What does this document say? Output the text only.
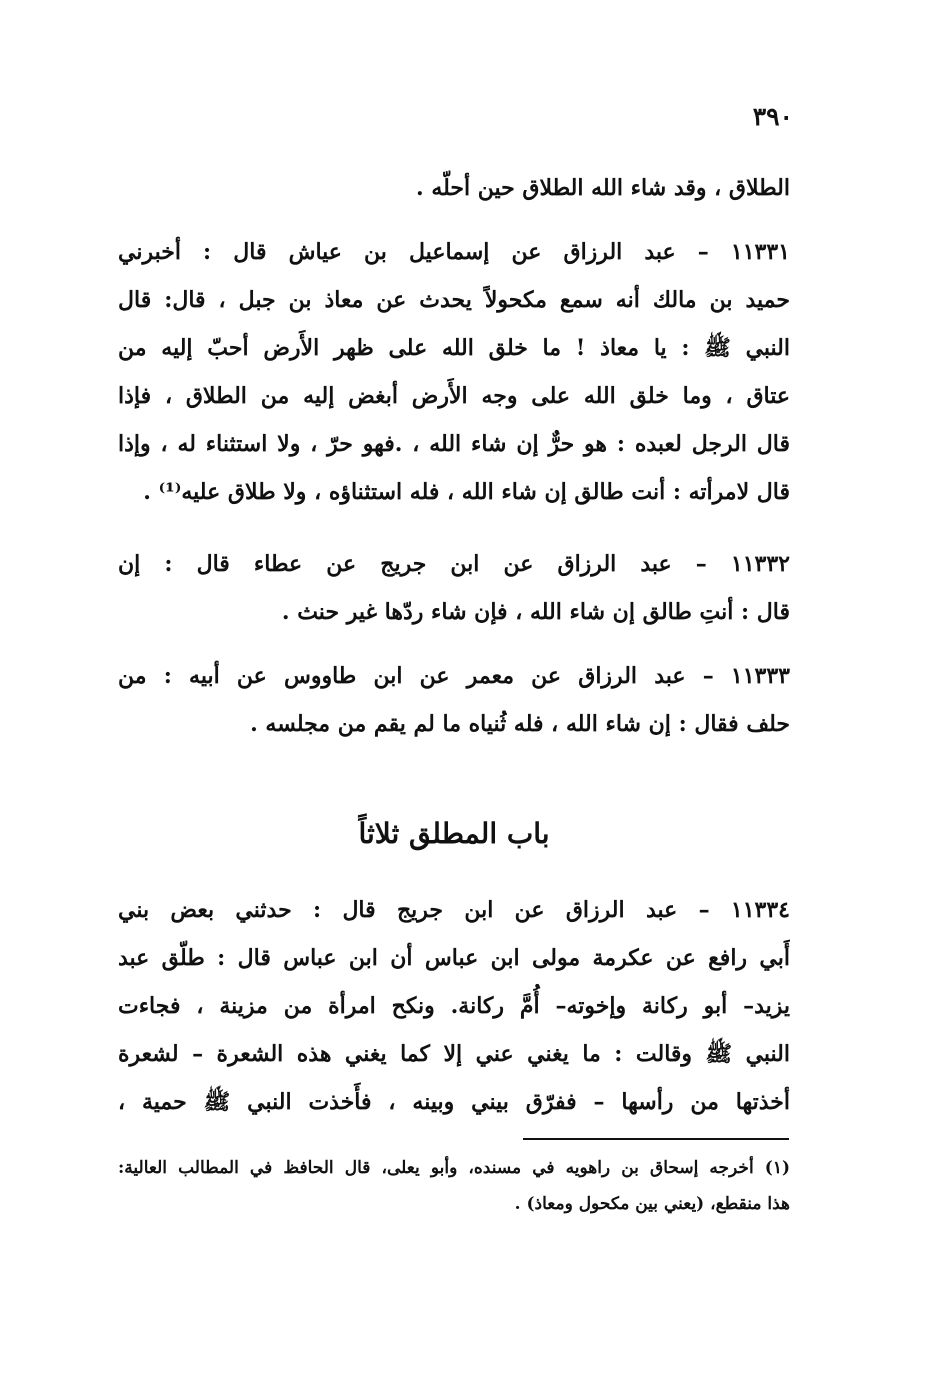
٣٩٠
الطلاق ، وقد شاء الله الطلاق حين أحلّه .
١١٣٣١ – عبد الرزاق عن إسماعيل بن عياش قال : أخبرني
حميد بن مالك أنه سمع مكحولاً يحدث عن معاذ بن جبل ، قال: قال
النبي ﷺ : يا معاذ ! ما خلق الله على ظهر الأَرض أحبّ إليه من
عتاق ، وما خلق الله على وجه الأَرض أبغض إليه من الطلاق ، فإذا
قال الرجل لعبده : هو حرٌّ إن شاء الله ، .فهو حرّ ، ولا استثناء له ، وإذا
قال لامرأته : أنت طالق إن شاء الله ، فله استثناؤه ، ولا طلاق عليه⁽¹⁾ .
١١٣٣٢ – عبد الرزاق عن ابن جريج عن عطاء قال : إن
قال : أنتِ طالق إن شاء الله ، فإن شاء ردّها غير حنث .
١١٣٣٣ – عبد الرزاق عن معمر عن ابن طاووس عن أبيه : من
حلف فقال : إن شاء الله ، فله ثُنياه ما لم يقم من مجلسه .
باب المطلق ثلاثاً
١١٣٣٤ – عبد الرزاق عن ابن جريج قال : حدثني بعض بني
أَبي رافع عن عكرمة مولى ابن عباس أن ابن عباس قال : طلّق عبد
يزيد– أبو ركانة وإخوته– أُمَّ ركانة. ونكح امرأة من مزينة ، فجاءت
النبي ﷺ وقالت : ما يغني عني إلا كما يغني هذه الشعرة – لشعرة
أخذتها من رأسها – ففرّق بيني وبينه ، فأَخذت النبي ﷺ حمية ،
(١) أخرجه إسحاق بن راهويه في مسنده، وأبو يعلى، قال الحافظ في المطالب العالية:
هذا منقطع، (يعني بين مكحول ومعاذ) .
